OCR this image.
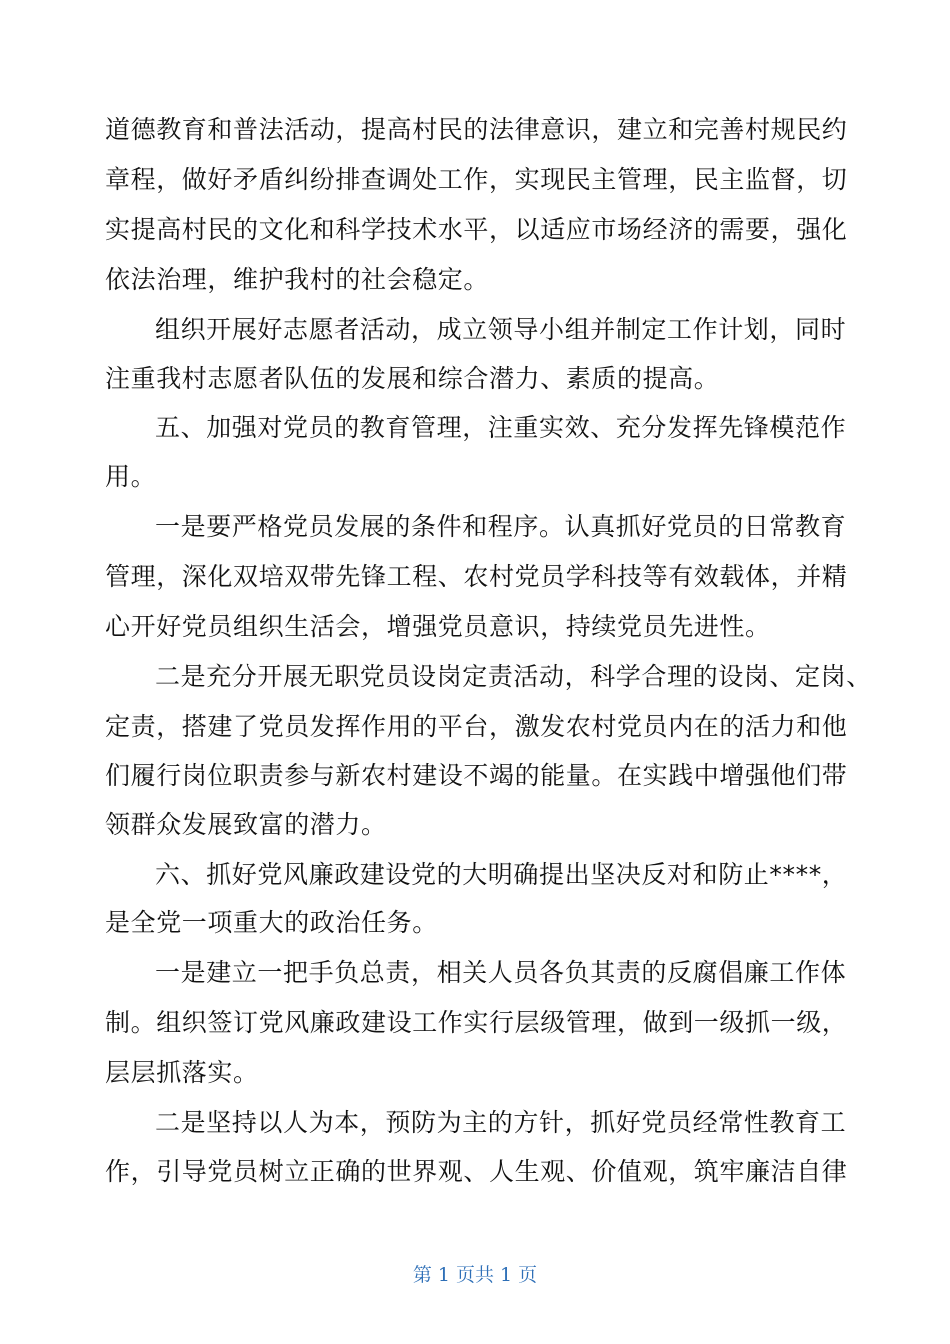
道德教育和普法活动，提高村民的法律意识，建立和完善村规民约
章程，做好矛盾纠纷排查调处工作，实现民主管理，民主监督，切
实提高村民的文化和科学技术水平，以适应市场经济的需要，强化
依法治理，维护我村的社会稳定。
组织开展好志愿者活动，成立领导小组并制定工作计划，同时
注重我村志愿者队伍的发展和综合潜力、素质的提高。
五、加强对党员的教育管理，注重实效、充分发挥先锋模范作
用。
一是要严格党员发展的条件和程序。认真抓好党员的日常教育
管理，深化双培双带先锋工程、农村党员学科技等有效载体，并精
心开好党员组织生活会，增强党员意识，持续党员先进性。
二是充分开展无职党员设岗定责活动，科学合理的设岗、定岗、
定责，搭建了党员发挥作用的平台，激发农村党员内在的活力和他
们履行岗位职责参与新农村建设不竭的能量。在实践中增强他们带
领群众发展致富的潜力。
六、抓好党风廉政建设党的大明确提出坚决反对和防止****，
是全党一项重大的政治任务。
一是建立一把手负总责，相关人员各负其责的反腐倡廉工作体
制。组织签订党风廉政建设工作实行层级管理，做到一级抓一级，
层层抓落实。
二是坚持以人为本，预防为主的方针，抓好党员经常性教育工
作，引导党员树立正确的世界观、人生观、价值观，筑牢廉洁自律
第 1 页共 1 页
